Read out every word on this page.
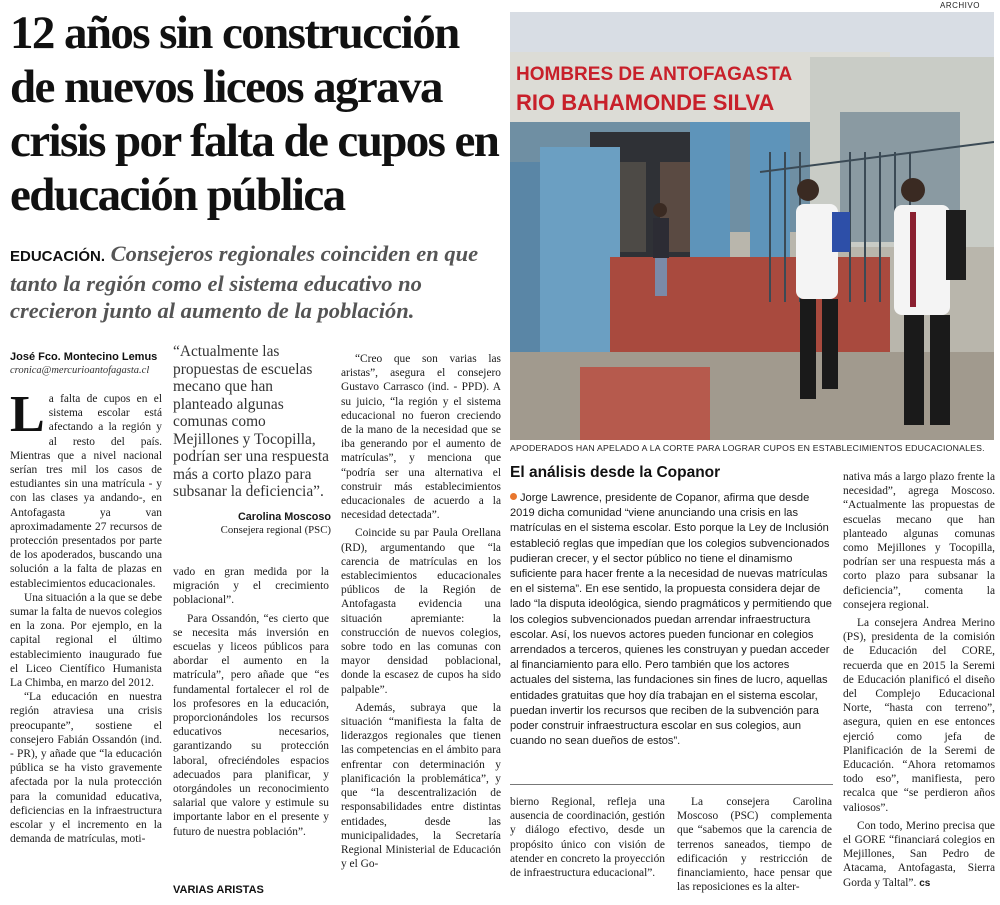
ARCHIVO
12 años sin construcción de nuevos liceos agrava crisis por falta de cupos en educación pública
EDUCACIÓN. Consejeros regionales coinciden en que tanto la región como el sistema educativo no crecieron junto al aumento de la población.
HOMBRES DE ANTOFAGASTA
RIO BAHAMONDE SILVA
APODERADOS HAN APELADO A LA CORTE PARA LOGRAR CUPOS EN ESTABLECIMIENTOS EDUCACIONALES.
José Fco. Montecino Lemus
cronica@mercurioantofagasta.cl

La falta de cupos en el sistema escolar está afectando a la región y al resto del país. Mientras que a nivel nacional serían tres mil los casos de estudiantes sin una matrícula - y con las clases ya andando-, en Antofagasta ya van aproximadamente 27 recursos de protección presentados por parte de los apoderados, buscando una solución a la falta de plazas en establecimientos educacionales.

Una situación a la que se debe sumar la falta de nuevos colegios en la zona. Por ejemplo, en la capital regional el último establecimiento inaugurado fue el Liceo Científico Humanista La Chimba, en marzo del 2012.

“La educación en nuestra región atraviesa una crisis preocupante”, sostiene el consejero Fabián Ossandón (ind. - PR), y añade que “la educación pública se ha visto gravemente afectada por la nula protección para la comunidad educativa, deficiencias en la infraestructura escolar y el incremento en la demanda de matrículas, moti-

“Actualmente las propuestas de escuelas mecano que han planteado algunas comunas como Mejillones y Tocopilla, podrían ser una respuesta más a corto plazo para subsanar la deficiencia”.
Carolina Moscoso
Consejera regional (PSC)

vado en gran medida por la migración y el crecimiento poblacional”.

Para Ossandón, “es cierto que se necesita más inversión en escuelas y liceos públicos para abordar el aumento en la matrícula”, pero añade que “es fundamental fortalecer el rol de los profesores en la educación, proporcionándoles los recursos educativos necesarios, garantizando su protección laboral, ofreciéndoles espacios adecuados para planificar, y otorgándoles un reconocimiento salarial que valore y estimule su importante labor en el presente y futuro de nuestra población”.

VARIAS ARISTAS

“Creo que son varias las aristas”, asegura el consejero Gustavo Carrasco (ind. - PPD). A su juicio, “la región y el sistema educacional no fueron creciendo de la mano de la necesidad que se iba generando por el aumento de matrículas”, y menciona que “podría ser una alternativa el construir más establecimientos educacionales de acuerdo a la necesidad detectada”.

Coincide su par Paula Orellana (RD), argumentando que “la carencia de matrículas en los establecimientos educacionales públicos de la Región de Antofagasta evidencia una situación apremiante: la construcción de nuevos colegios, sobre todo en las comunas con mayor densidad poblacional, donde la escasez de cupos ha sido palpable”.

Además, subraya que la situación “manifiesta la falta de liderazgos regionales que tienen las competencias en el ámbito para enfrentar con determinación y planificación la problemática”, y que “la descentralización de responsabilidades entre distintas entidades, desde las municipalidades, la Secretaría Regional Ministerial de Educación y el Go-

El análisis desde la Copanor
Jorge Lawrence, presidente de Copanor, afirma que desde 2019 dicha comunidad “viene anunciando una crisis en las matrículas en el sistema escolar. Esto porque la Ley de Inclusión estableció reglas que impedían que los colegios subvencionados pudieran crecer, y el sector público no tiene el dinamismo suficiente para hacer frente a la necesidad de nuevas matrículas en el sistema”. En ese sentido, la propuesta considera dejar de lado “la disputa ideológica, siendo pragmáticos y permitiendo que los colegios subvencionados puedan arrendar infraestructura escolar. Así, los nuevos actores pueden funcionar en colegios arrendados a terceros, quienes les construyan y puedan acceder al financiamiento para ello. Pero también que los actores actuales del sistema, las fundaciones sin fines de lucro, aquellas entidades gratuitas que hoy día trabajan en el sistema escolar, puedan invertir los recursos que reciben de la subvención para poder construir infraestructura escolar en sus colegios, aun cuando no sean dueños de estos”.

bierno Regional, refleja una ausencia de coordinación, gestión y diálogo efectivo, desde un propósito único con visión de atender en concreto la proyección de infraestructura educacional”.

La consejera Carolina Moscoso (PSC) complementa que “sabemos que la carencia de terrenos saneados, tiempo de edificación y restricción de financiamiento, hace pensar que las reposiciones es la alter-

nativa más a largo plazo frente la necesidad”, agrega Moscoso. “Actualmente las propuestas de escuelas mecano que han planteado algunas comunas como Mejillones y Tocopilla, podrían ser una respuesta más a corto plazo para subsanar la deficiencia”, comenta la consejera regional.

La consejera Andrea Merino (PS), presidenta de la comisión de Educación del CORE, recuerda que en 2015 la Seremi de Educación planificó el diseño del Complejo Educacional Norte, “hasta con terreno”, asegura, quien en ese entonces ejerció como jefa de Planificación de la Seremi de Educación. “Ahora retomamos todo eso”, manifiesta, pero recalca que “se perdieron años valiosos”.

Con todo, Merino precisa que el GORE “financiará colegios en Mejillones, San Pedro de Atacama, Antofagasta, Sierra Gorda y Taltal”. cs
